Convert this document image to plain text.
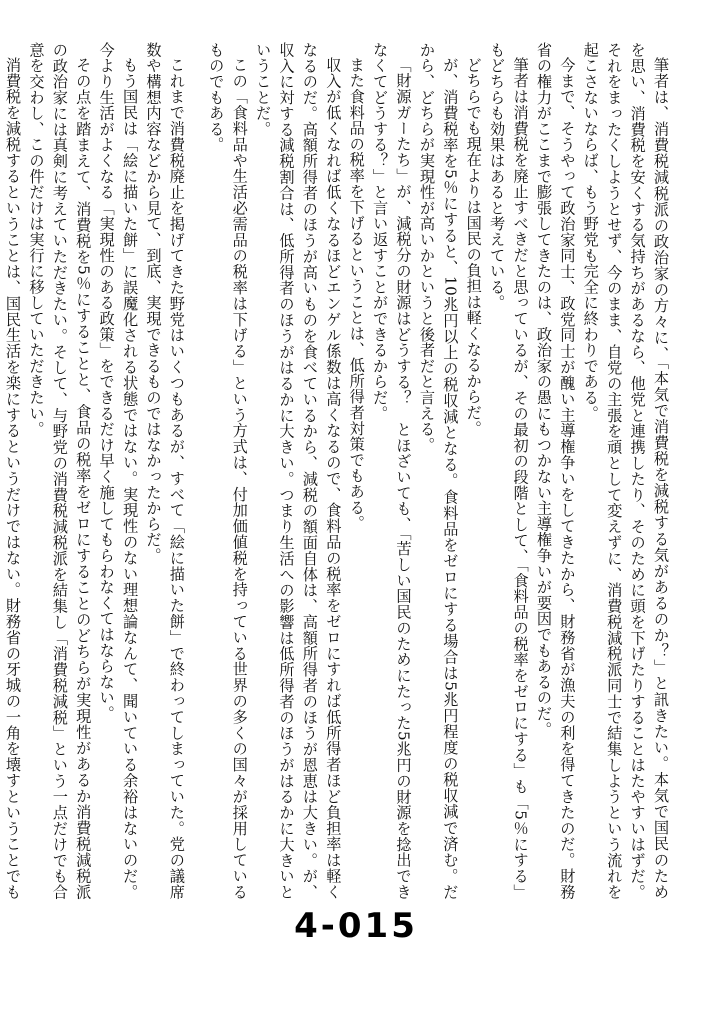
筆者は、消費税減税派の政治家の方々に、「本気で消費税を減税する気があるのか？」と訊きたい。本気で国民のためを思い、消費税を安くする気持ちがあるなら、他党と連携したり、そのために頭を下げたりすることはたやすいはずだ。それをまったくしようとせず、今のまま、自党の主張を頑として変えずに、消費税減税派同士で結集しようという流れを起こさないならば、もう野党も完全に終わりである。

今まで、そうやって政治家同士、政党同士が醜い主導権争いをしてきたから、財務省が漁夫の利を得てきたのだ。財務省の権力がここまで膨張してきたのは、政治家の愚にもつかない主導権争いが要因でもあるのだ。

筆者は消費税を廃止すべきだと思っているが、その最初の段階として、「食料品の税率をゼロにする」も「5％にする」もどちらも効果はあると考えている。

どちらでも現在よりは国民の負担は軽くなるからだ。

が、消費税率を5％にすると、10兆円以上の税収減となる。食料品をゼロにする場合は5兆円程度の税収減で済む。だから、どちらが実現性が高いかというと後者だと言える。

「財源ガーたち」が、減税分の財源はどうする？　とほざいても、「苦しい国民のためにたった5兆円の財源を捻出できなくてどうする？」と言い返すことができるからだ。

また食料品の税率を下げるということは、低所得者対策でもある。

収入が低くなれば低くなるほどエンゲル係数は高くなるので、食料品の税率をゼロにすれば低所得者ほど負担率は軽くなるのだ。高額所得者のほうが高いものを食べているから、減税の額面自体は、高額所得者のほうが恩恵は大きい。が、収入に対する減税割合は、低所得者のほうがはるかに大きい。つまり生活への影響は低所得者のほうがはるかに大きいということだ。

この「食料品や生活必需品の税率は下げる」という方式は、付加価値税を持っている世界の多くの国々が採用しているものでもある。

これまで消費税廃止を掲げてきた野党はいくつもあるが、すべて「絵に描いた餅」で終わってしまっていた。党の議席数や構想内容などから見て、到底、実現できるものではなかったからだ。

もう国民は「絵に描いた餅」に誤魔化される状態ではない。実現性のない理想論なんて、聞いている余裕はないのだ。今より生活がよくなる「実現性のある政策」をできるだけ早く施してもらわなくてはならない。

その点を踏まえて、消費税を5％にすることと、食品の税率をゼロにすることのどちらが実現性があるか消費税減税派の政治家には真剣に考えていただきたい。そして、与野党の消費税減税派を結集し「消費税減税」という一点だけでも合意を交わし、この件だけは実行に移していただきたい。

消費税を減税するということは、国民生活を楽にするというだけではない。財務省の牙城の一角を壊すということでも

4-015
